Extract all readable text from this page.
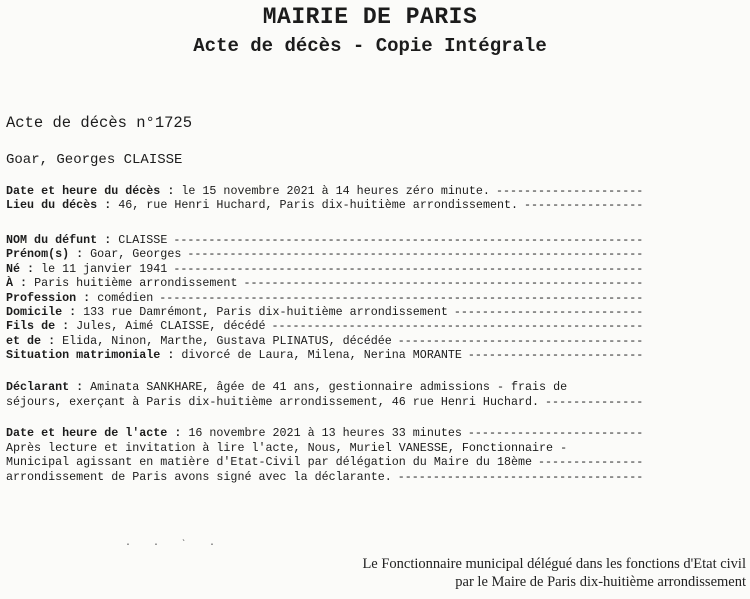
MAIRIE DE PARIS
Acte de décès - Copie Intégrale
Acte de décès n°1725
Goar, Georges CLAISSE
Date et heure du décès : le 15 novembre 2021 à 14 heures zéro minute.
-----
Lieu du décès : 46, rue Henri Huchard, Paris dix-huitième arrondissement.
-----
NOM du défunt : CLAISSE
-----
Prénom(s) : Goar, Georges
-----
Né : le 11 janvier 1941
-----
À : Paris huitième arrondissement
-----
Profession : comédien
-----
Domicile : 133 rue Damrémont, Paris dix-huitième arrondissement
-----
Fils de : Jules, Aimé CLAISSE, décédé
-----
et de : Elida, Ninon, Marthe, Gustava PLINATUS, décédée
-----
Situation matrimoniale : divorcé de Laura, Milena, Nerina MORANTE
-----
Déclarant : Aminata SANKHARE, âgée de 41 ans, gestionnaire admissions - frais de
séjours, exerçant à Paris dix-huitième arrondissement, 46 rue Henri Huchard.
-----
Date et heure de l'acte : 16 novembre 2021 à 13 heures 33 minutes
-----
Après lecture et invitation à lire l'acte, Nous, Muriel VANESSE, Fonctionnaire -
Municipal agissant en matière d'Etat-Civil par délégation du Maire du 18ème
-----
arrondissement de Paris avons signé avec la déclarante.
-----
· · ˋ ·
Le Fonctionnaire municipal délégué dans les fonctions d'Etat civil
par le Maire de Paris dix-huitième arrondissement
